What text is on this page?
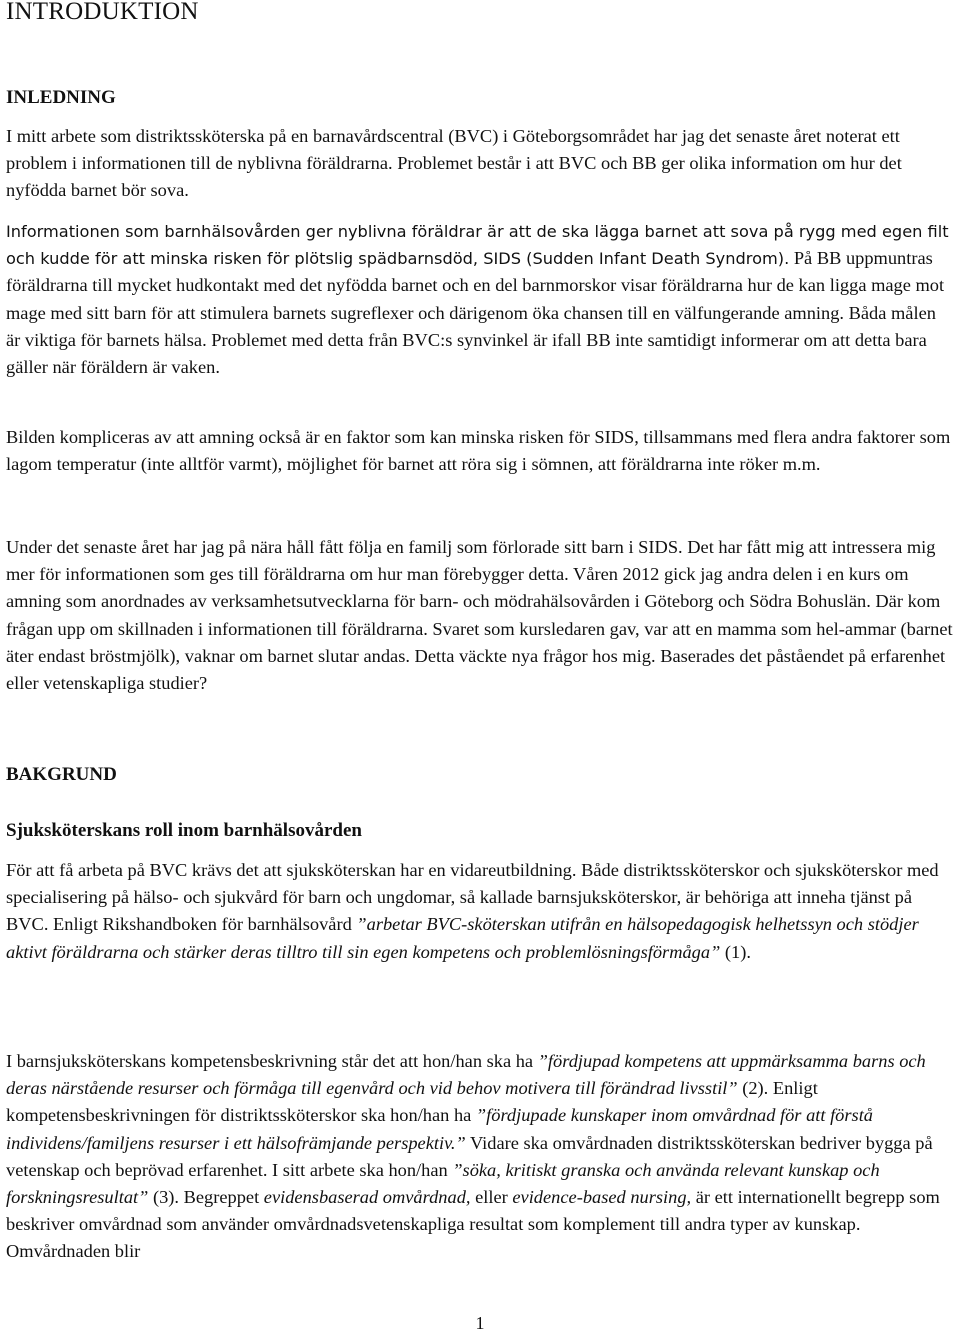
INTRODUKTION
INLEDNING

I mitt arbete som distriktssköterska på en barnavårdscentral (BVC) i Göteborgsområdet har jag det senaste året noterat ett problem i informationen till de nyblivna föräldrarna. Problemet består i att BVC och BB ger olika information om hur det nyfödda barnet bör sova.

Informationen som barnhälsovården ger nyblivna föräldrar är att de ska lägga barnet att sova på rygg med egen filt och kudde för att minska risken för plötslig spädbarnsdöd, SIDS (Sudden Infant Death Syndrom). På BB uppmuntras föräldrarna till mycket hudkontakt med det nyfödda barnet och en del barnmorskor visar föräldrarna hur de kan ligga mage mot mage med sitt barn för att stimulera barnets sugreflexer och därigenom öka chansen till en välfungerande amning. Båda målen är viktiga för barnets hälsa. Problemet med detta från BVC:s synvinkel är ifall BB inte samtidigt informerar om att detta bara gäller när föräldern är vaken.

Bilden kompliceras av att amning också är en faktor som kan minska risken för SIDS, tillsammans med flera andra faktorer som lagom temperatur (inte alltför varmt), möjlighet för barnet att röra sig i sömnen, att föräldrarna inte röker m.m.

Under det senaste året har jag på nära håll fått följa en familj som förlorade sitt barn i SIDS. Det har fått mig att intressera mig mer för informationen som ges till föräldrarna om hur man förebygger detta. Våren 2012 gick jag andra delen i en kurs om amning som anordnades av verksamhetsutvecklarna för barn- och mödrahälsovården i Göteborg och Södra Bohuslän. Där kom frågan upp om skillnaden i informationen till föräldrarna. Svaret som kursledaren gav, var att en mamma som hel-ammar (barnet äter endast bröstmjölk), vaknar om barnet slutar andas. Detta väckte nya frågor hos mig. Baserades det påståendet på erfarenhet eller vetenskapliga studier?

BAKGRUND
Sjuksköterskans roll inom barnhälsovården

För att få arbeta på BVC krävs det att sjuksköterskan har en vidareutbildning. Både distriktssköterskor och sjuksköterskor med specialisering på hälso- och sjukvård för barn och ungdomar, så kallade barnsjuksköterskor, är behöriga att inneha tjänst på BVC. Enligt Rikshandboken för barnhälsovård ”arbetar BVC-sköterskan utifrån en hälsopedagogisk helhetssyn och stödjer aktivt föräldrarna och stärker deras tilltro till sin egen kompetens och problemlösningsförmåga” (1).

I barnsjuksköterskans kompetensbeskrivning står det att hon/han ska ha ”fördjupad kompetens att uppmärksamma barns och deras närstående resurser och förmåga till egenvård och vid behov motivera till förändrad livsstil” (2). Enligt kompetensbeskrivningen för distriktssköterskor ska hon/han ha ”fördjupade kunskaper inom omvårdnad för att förstå individens/familjens resurser i ett hälsofrämjande perspektiv.” Vidare ska omvårdnaden distriktssköterskan bedriver bygga på vetenskap och beprövad erfarenhet. I sitt arbete ska hon/han ”söka, kritiskt granska och använda relevant kunskap och forskningsresultat” (3). Begreppet evidensbaserad omvårdnad, eller evidence-based nursing, är ett internationellt begrepp som beskriver omvårdnad som använder omvårdnadsvetenskapliga resultat som komplement till andra typer av kunskap. Omvårdnaden blir

1
